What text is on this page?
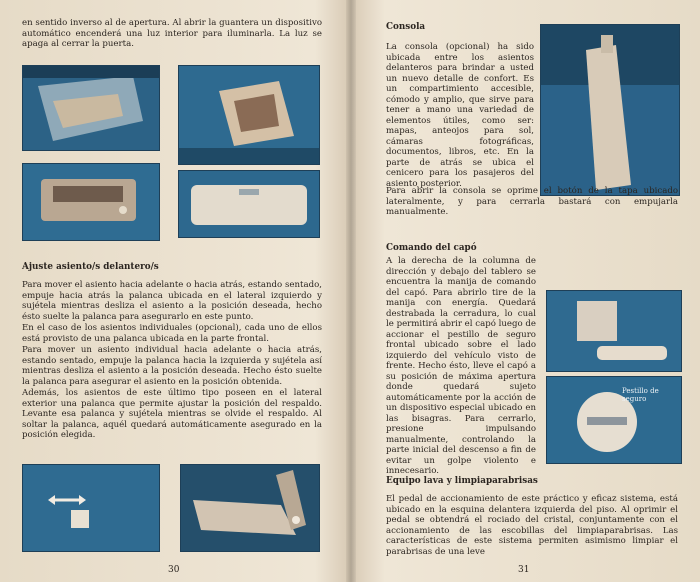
en sentido inverso al de apertura. Al abrir la guantera un dispositivo automático encenderá una luz interior para iluminarla. La luz se apaga al cerrar la puerta.
Ajuste asiento/s delantero/s

Para mover el asiento hacia adelante o hacia atrás, estando sentado, empuje hacia atrás la palanca ubicada en el lateral izquierdo y sujétela mientras desliza el asiento a la posición deseada, hecho ésto suelte la palanca para asegurarlo en este punto.

En el caso de los asientos individuales (opcional), cada uno de ellos está provisto de una palanca ubicada en la parte frontal.

Para mover un asiento individual hacia adelante o hacia atrás, estando sentado, empuje la palanca hacia la izquierda y sujétela así mientras desliza el asiento a la posición deseada. Hecho ésto suelte la palanca para asegurar el asiento en la posición obtenida.

Además, los asientos de este último tipo poseen en el lateral exterior una palanca que permite ajustar la posición del respaldo. Levante esa palanca y sujétela mientras se olvide el respaldo. Al soltar la palanca, aquél quedará automáticamente asegurado en la posición elegida.

30
Consola
La consola (opcional) ha sido ubicada entre los asientos delanteros para brindar a usted un nuevo detalle de confort. Es un compartimiento accesible, cómodo y amplio, que sirve para tener a mano una variedad de elementos útiles, como ser: mapas, anteojos para sol, cámaras fotográficas, documentos, libros, etc. En la parte de atrás se ubica el cenicero para los pasajeros del asiento posterior.
Para abrir la consola se oprime el botón de la tapa ubicado lateralmente, y para cerrarla bastará con empujarla manualmente.
Comando del capó
A la derecha de la columna de dirección y debajo del tablero se encuentra la manija de comando del capó. Para abrirlo tire de la manija con energía. Quedará destrabada la cerradura, lo cual le permitirá abrir el capó luego de accionar el pestillo de seguro frontal ubicado sobre el lado izquierdo del vehículo visto de frente. Hecho ésto, lleve el capó a su posición de máxima apertura donde quedará sujeto automáticamente por la acción de un dispositivo especial ubicado en las bisagras. Para cerrarlo, presione impulsando manualmente, controlando la parte inicial del descenso a fin de evitar un golpe violento e innecesario.
Pestillo de seguro
Equipo lava y limpiaparabrisas
El pedal de accionamiento de este práctico y eficaz sistema, está ubicado en la esquina delantera izquierda del piso. Al oprimir el pedal se obtendrá el rociado del cristal, conjuntamente con el accionamiento de las escobillas del limpiaparabrisas. Las características de este sistema permiten asimismo limpiar el parabrisas de una leve
31
